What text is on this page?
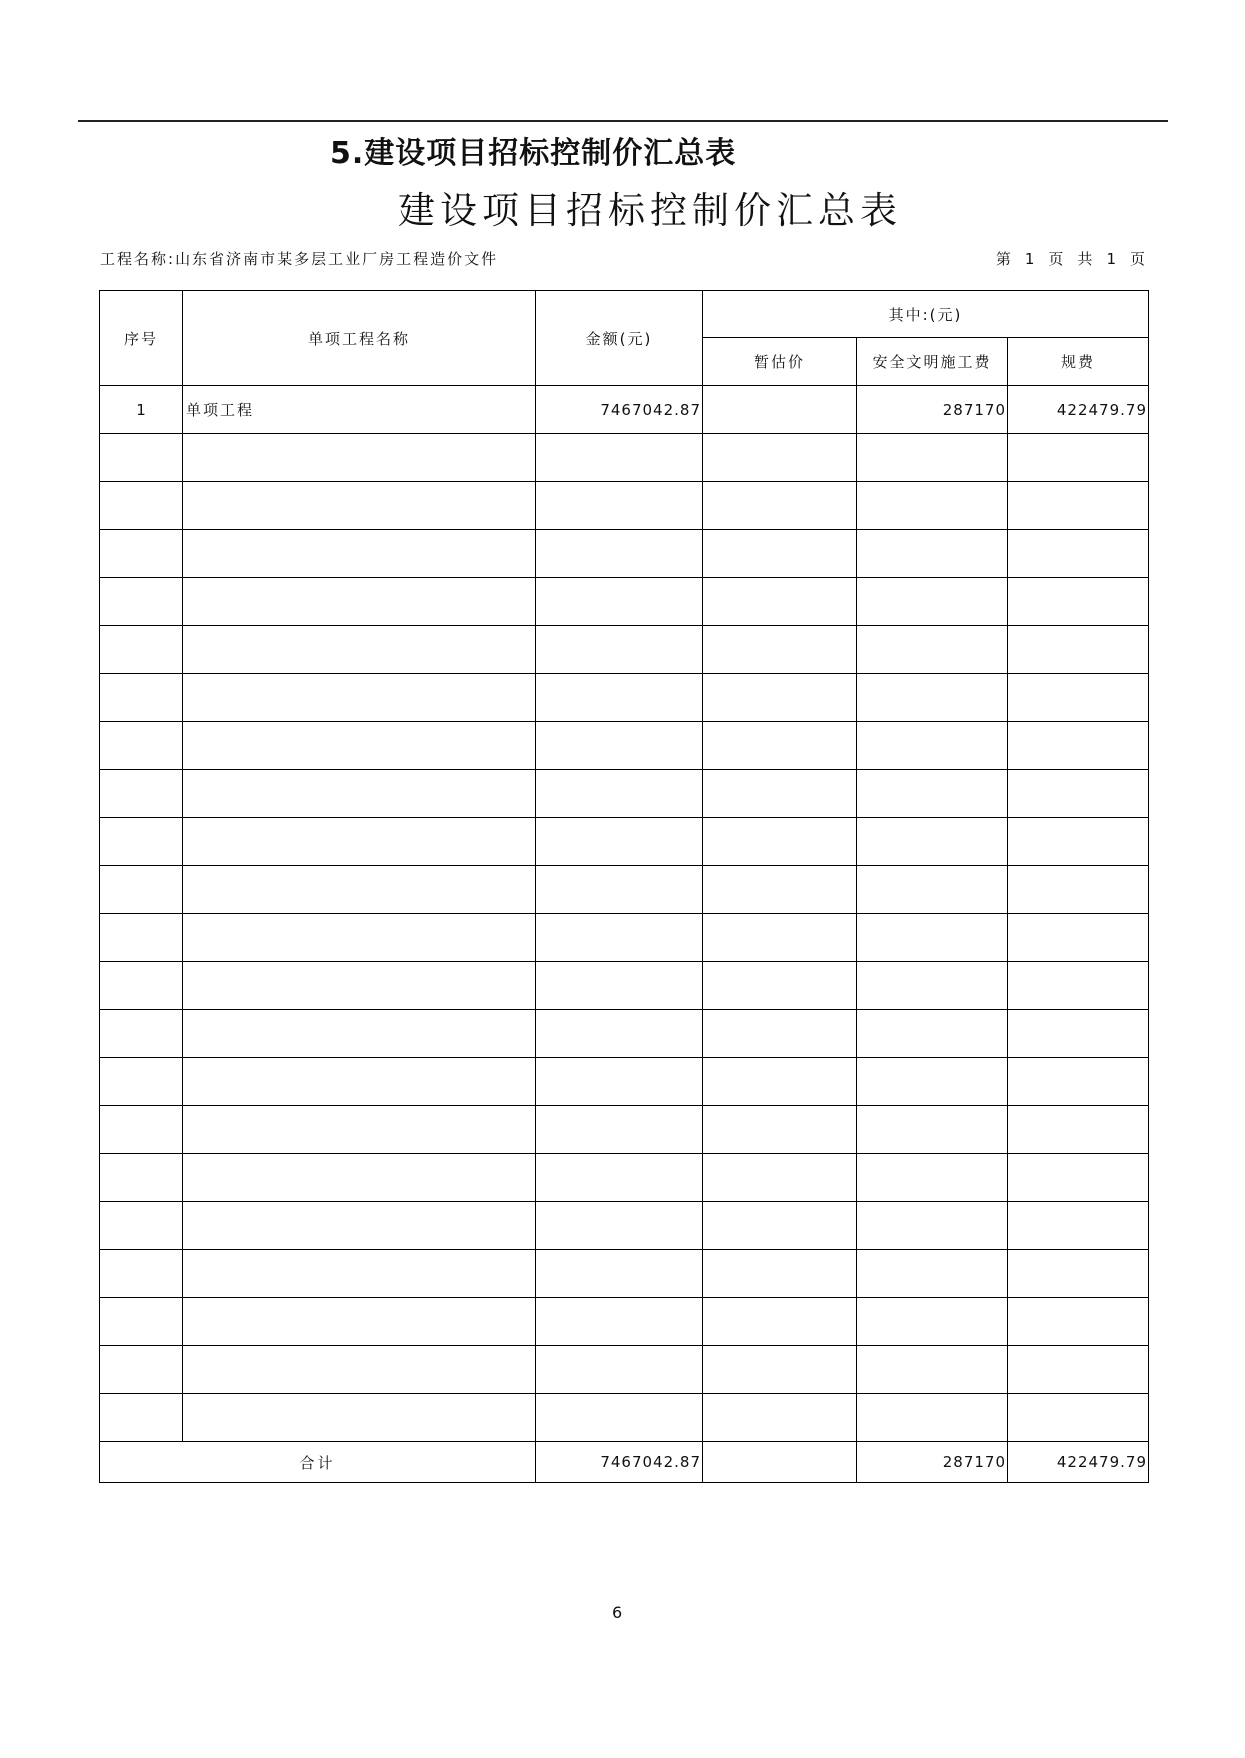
5.建设项目招标控制价汇总表
建设项目招标控制价汇总表
工程名称:山东省济南市某多层工业厂房工程造价文件	第 1 页 共 1 页
序号	单项工程名称	金额(元)	其中:(元)		
			暂估价	安全文明施工费	规费
1	单项工程	7467042.87		287170	422479.79

合计		7467042.87		287170	422479.79
6
